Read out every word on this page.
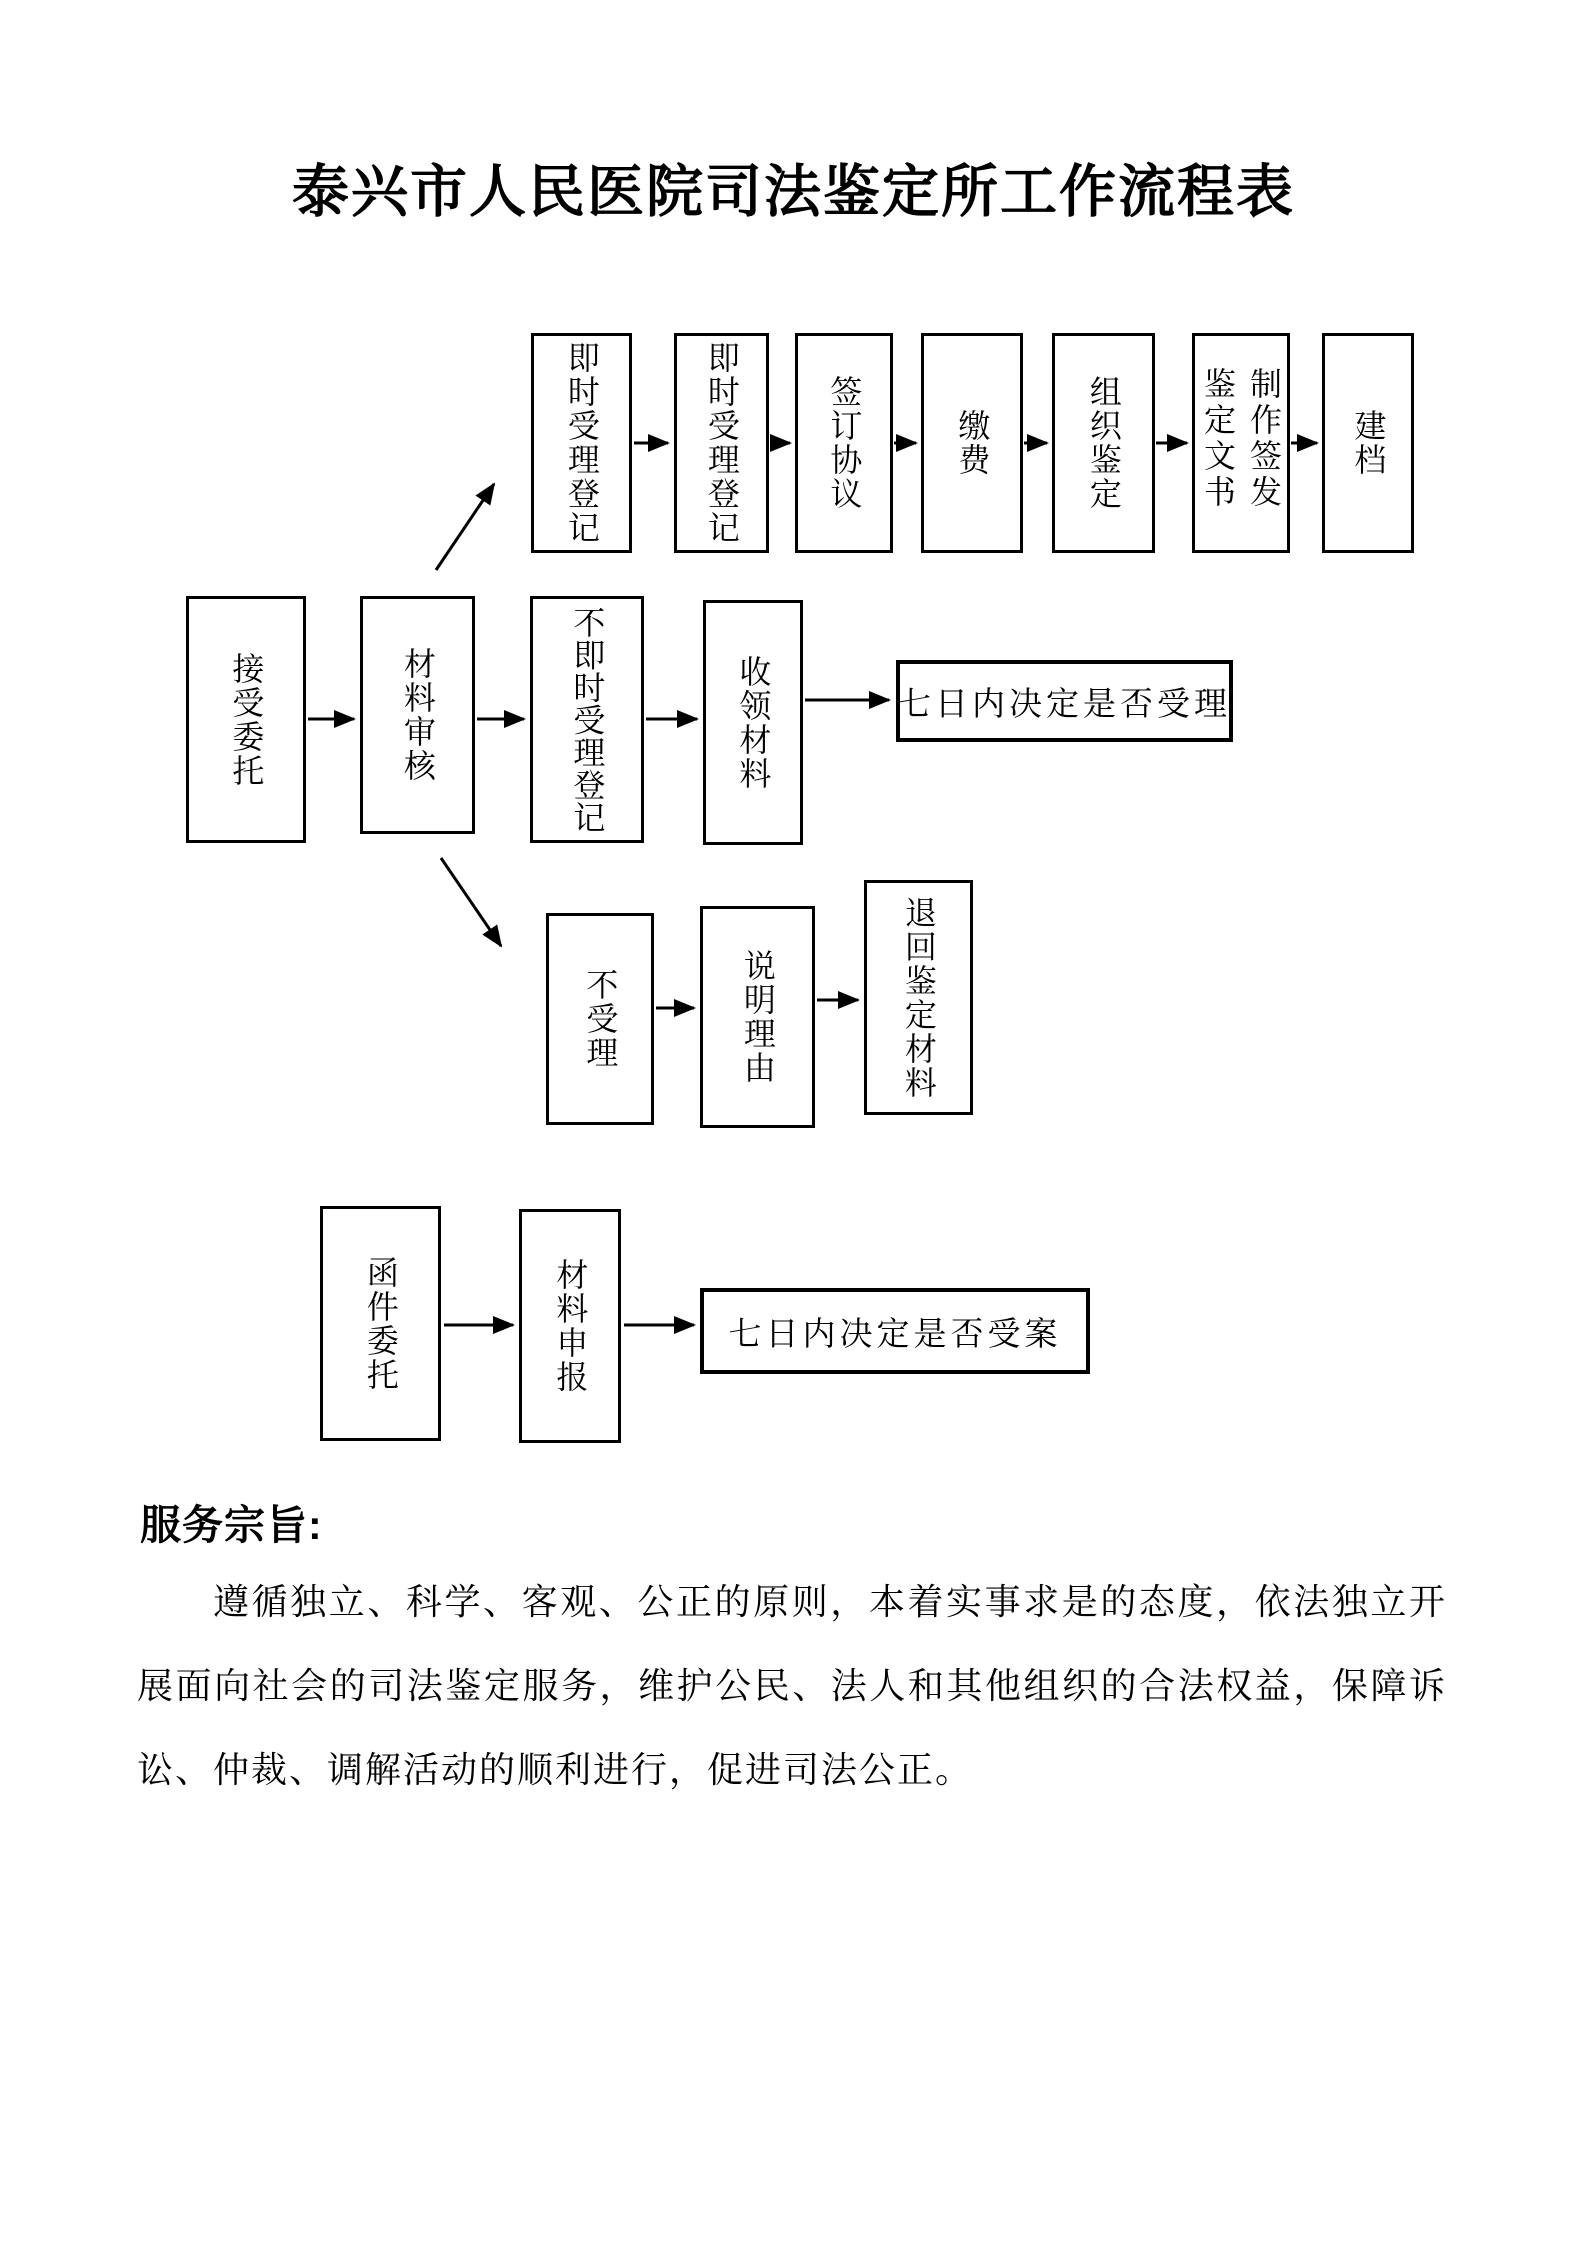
泰兴市人民医院司法鉴定所工作流程表
即时受理登记	即时受理登记	签订协议	缴费	组织鉴定 鉴定文书制作签发 建档
接受委托	材料审核	不即时受理登记	收领材料	七日内决定是否受理
不受理	说明理由	退回鉴定材料
函件委托	材料申报	七日内决定是否受案
服务宗旨:
遵循独立、科学、客观、公正的原则，本着实事求是的态度，依法独立开
展面向社会的司法鉴定服务，维护公民、法人和其他组织的合法权益，保障诉
讼、仲裁、调解活动的顺利进行，促进司法公正。
